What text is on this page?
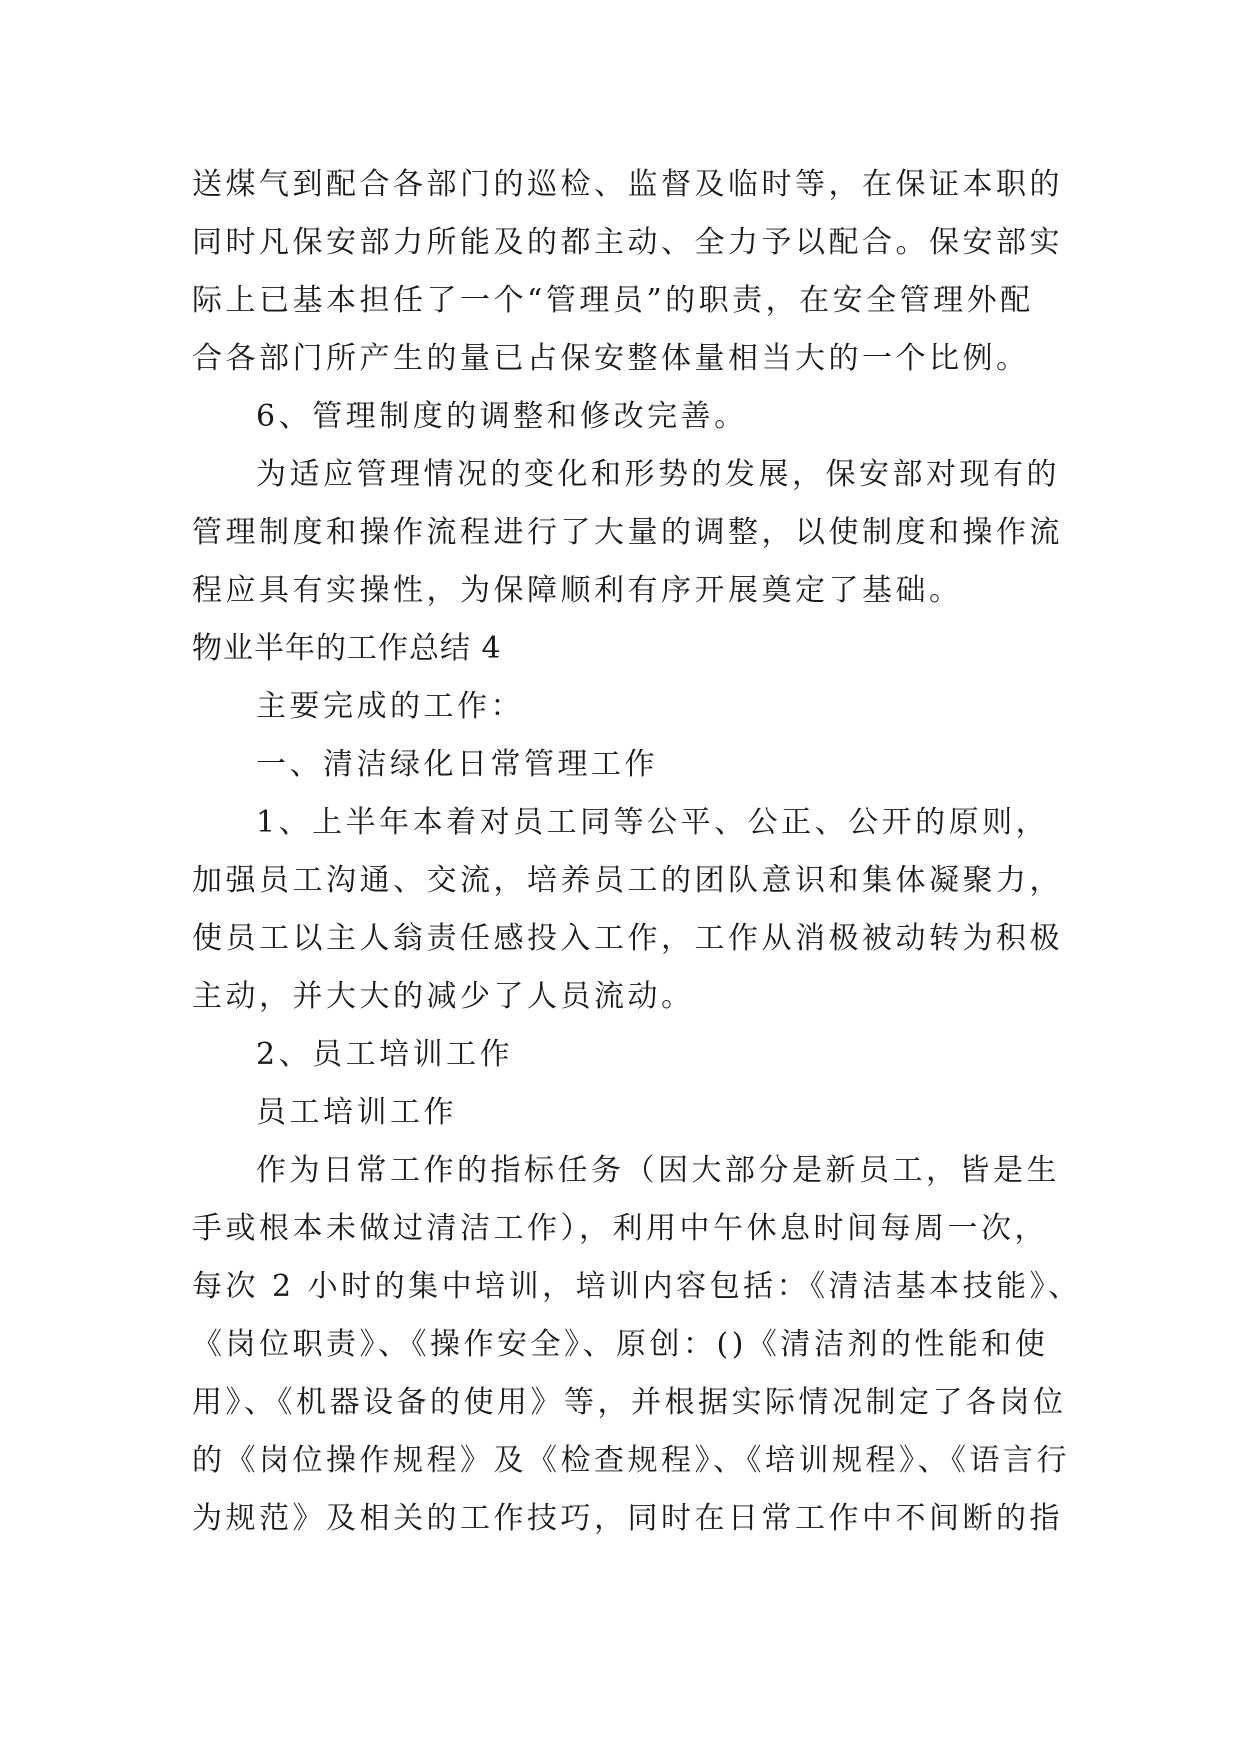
送煤气到配合各部门的巡检、监督及临时等，在保证本职的
同时凡保安部力所能及的都主动、全力予以配合。保安部实
际上已基本担任了一个“管理员”的职责，在安全管理外配
合各部门所产生的量已占保安整体量相当大的一个比例。
6、管理制度的调整和修改完善。
为适应管理情况的变化和形势的发展，保安部对现有的
管理制度和操作流程进行了大量的调整，以使制度和操作流
程应具有实操性，为保障顺利有序开展奠定了基础。
物业半年的工作总结 4
主要完成的工作：
一、清洁绿化日常管理工作
1、上半年本着对员工同等公平、公正、公开的原则，
加强员工沟通、交流，培养员工的团队意识和集体凝聚力，
使员工以主人翁责任感投入工作，工作从消极被动转为积极
主动，并大大的减少了人员流动。
2、员工培训工作
员工培训工作
作为日常工作的指标任务（因大部分是新员工，皆是生
手或根本未做过清洁工作），利用中午休息时间每周一次，
每次 2 小时的集中培训，培训内容包括：《清洁基本技能》、
《岗位职责》、《操作安全》、原创：()《清洁剂的性能和使
用》、《机器设备的使用》等，并根据实际情况制定了各岗位
的《岗位操作规程》及《检查规程》、《培训规程》、《语言行
为规范》及相关的工作技巧，同时在日常工作中不间断的指
